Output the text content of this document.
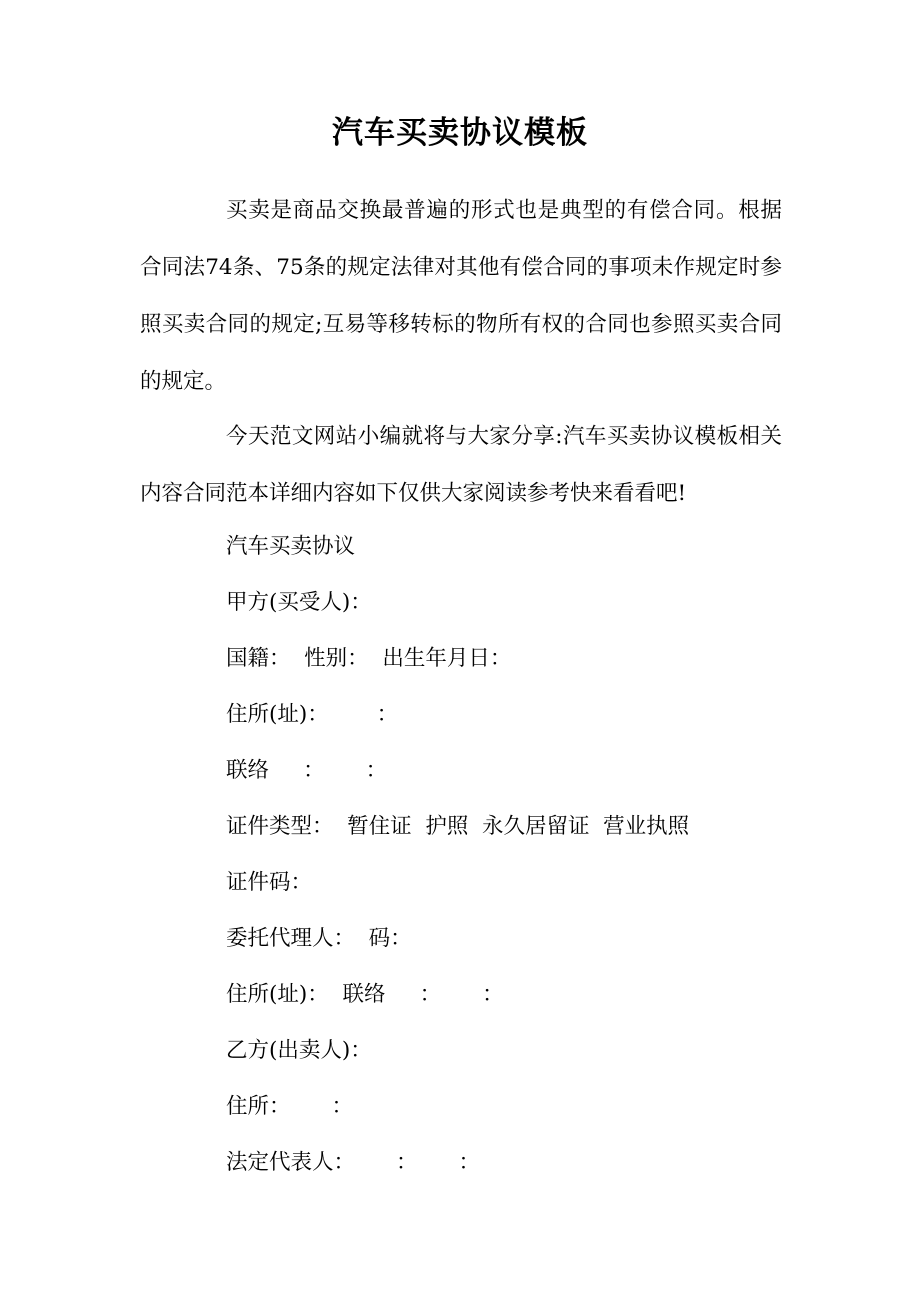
汽车买卖协议模板

买卖是商品交换最普遍的形式也是典型的有偿合同。根据合同法74条、75条的规定法律对其他有偿合同的事项未作规定时参照买卖合同的规定;互易等移转标的物所有权的合同也参照买卖合同的规定。

今天范文网站小编就将与大家分享:汽车买卖协议模板相关内容合同范本详细内容如下仅供大家阅读参考快来看看吧!

汽车买卖协议
甲方(买受人)：
国籍：  性别：  出生年月日：
住所(址)：       ：
联络     ：      ：
证件类型：  暂住证  护照  永久居留证  营业执照
证件码：
委托代理人：  码：
住所(址)：  联络     ：      ：
乙方(出卖人)：
住所：      ：
法定代表人：      ：      ：
